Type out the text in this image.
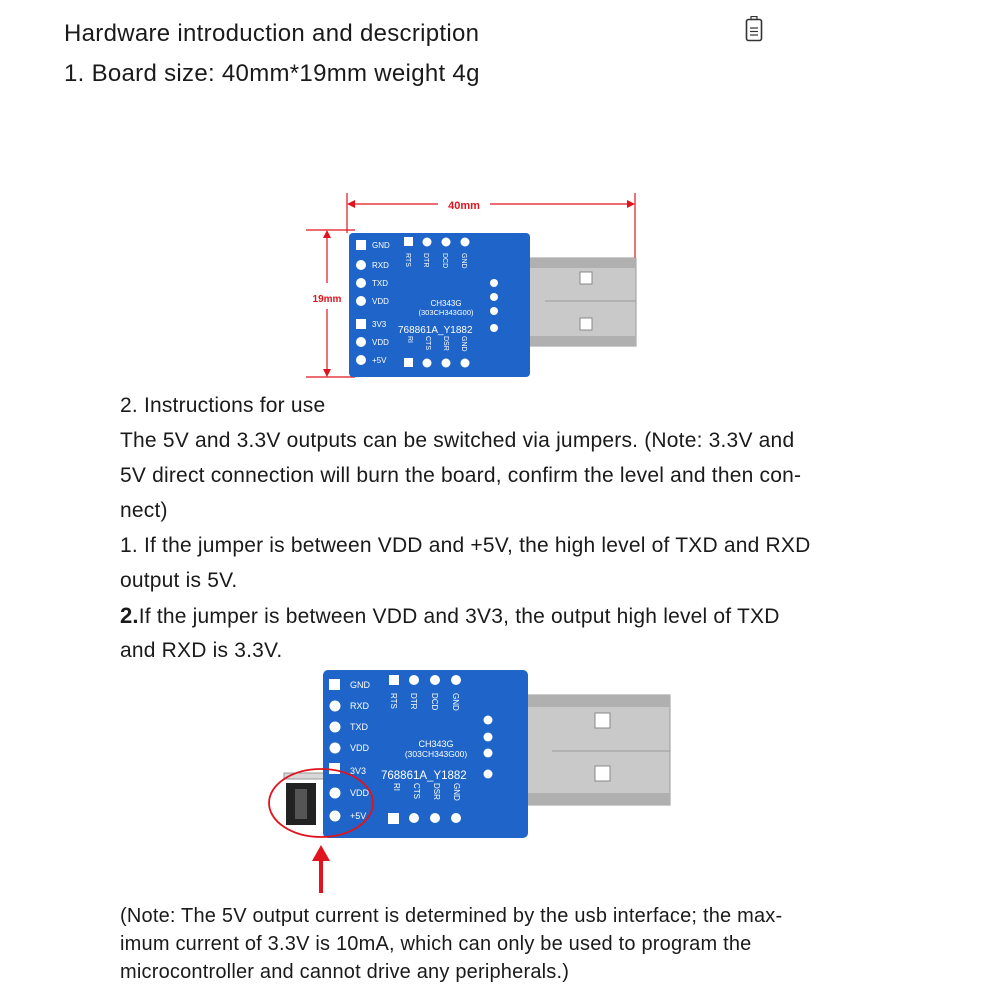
Hardware introduction and description
1. Board size: 40mm*19mm weight 4g
40mm
19mm
GND
RXD
TXD
VDD
3V3
VDD
+5V
RTS DTR DCD GND
CH343G
(303CH343G00)
768861A_Y1882
RI CTS DSR GND
2. Instructions for use
The 5V and 3.3V outputs can be switched via jumpers. (Note: 3.3V and
5V direct connection will burn the board, confirm the level and then con-
nect)
1. If the jumper is between VDD and +5V, the high level of TXD and RXD
output is 5V.
2.If the jumper is between VDD and 3V3, the output high level of TXD
and RXD is 3.3V.
GND
RXD
TXD
VDD
3V3
VDD
+5V
RTS DTR DCD GND
CH343G
(303CH343G00)
768861A_Y1882
RI CTS DSR GND
(Note: The 5V output current is determined by the usb interface; the max-
imum current of 3.3V is 10mA, which can only be used to program the
microcontroller and cannot drive any peripherals.)
